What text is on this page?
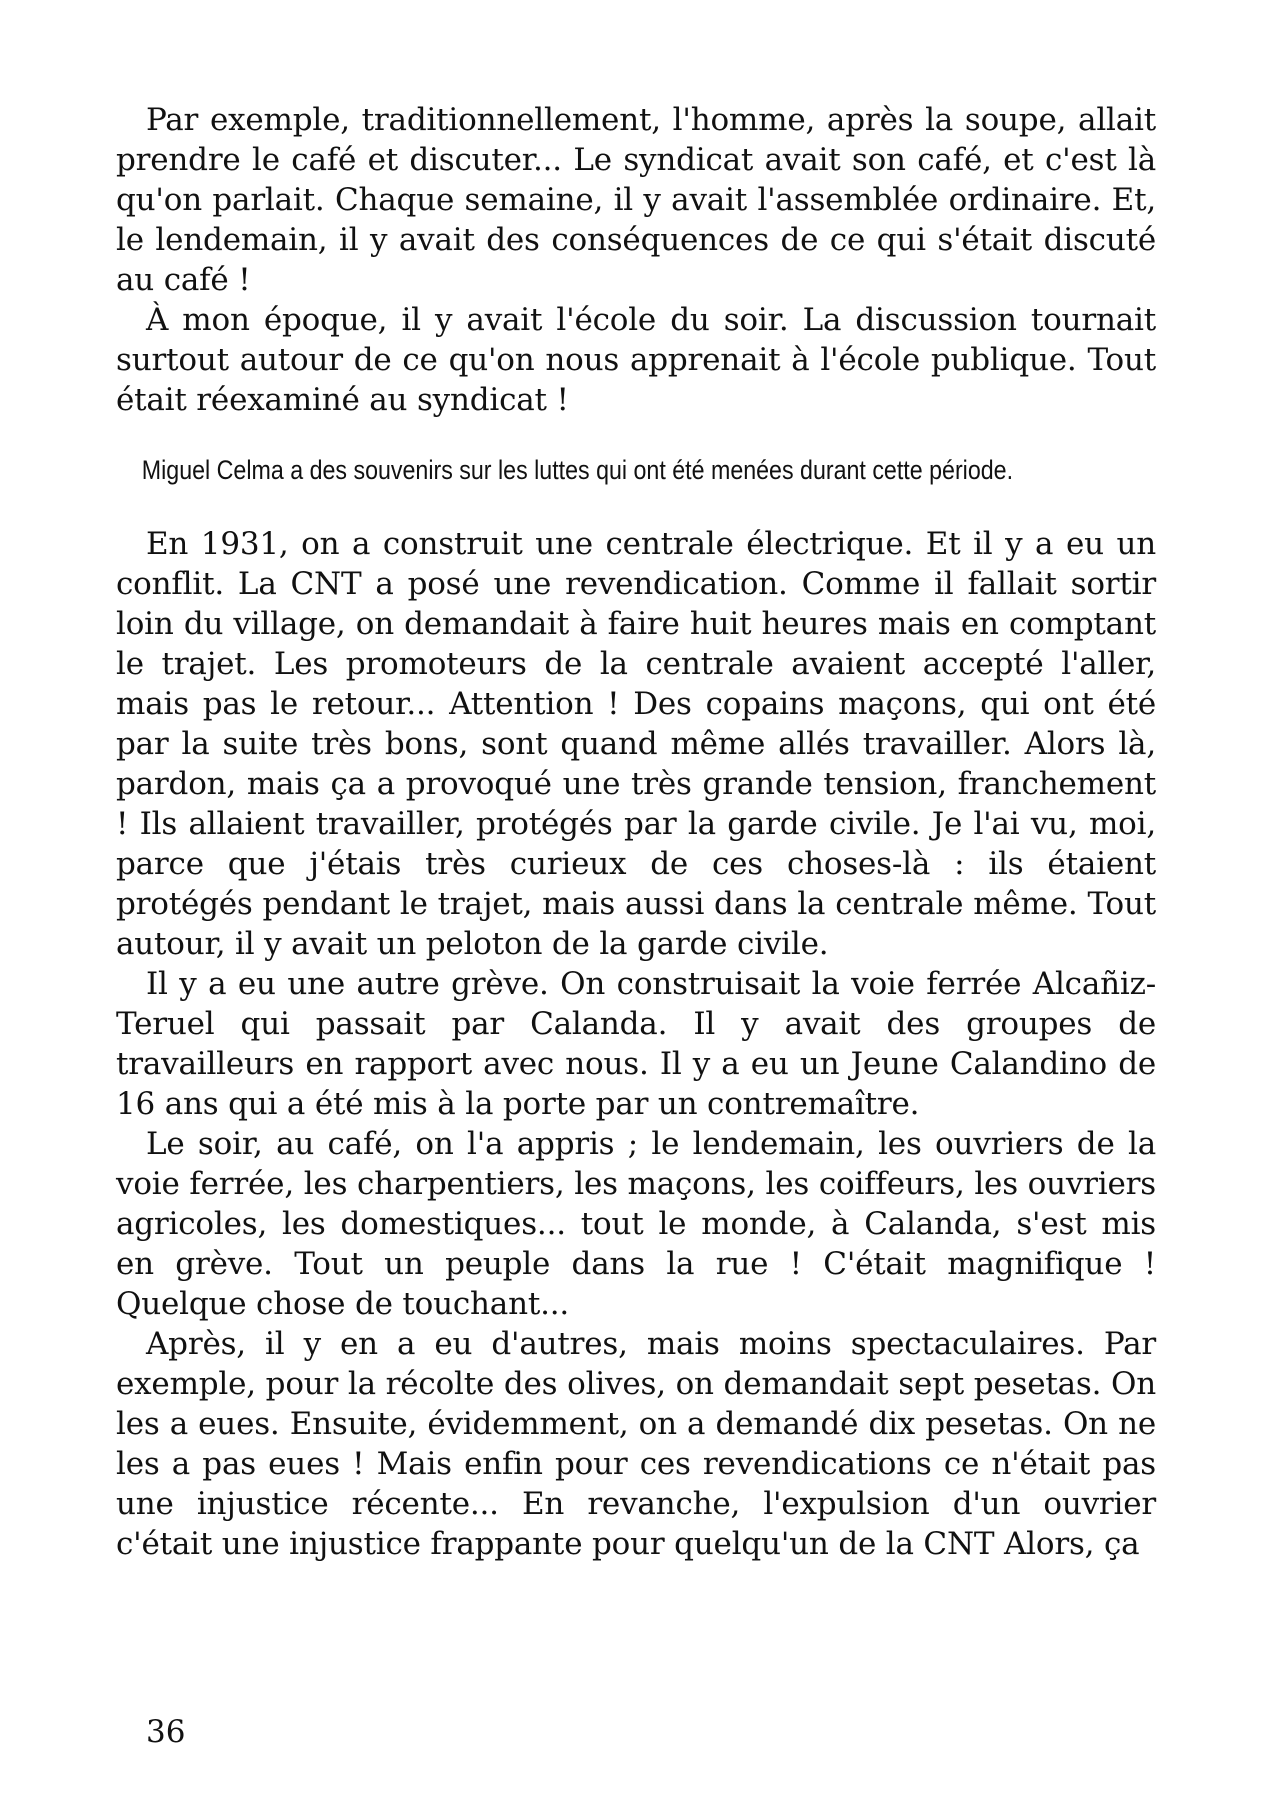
Par exemple, traditionnellement, l'homme, après la soupe, allait prendre le café et discuter... Le syndicat avait son café, et c'est là qu'on parlait. Chaque semaine, il y avait l'assemblée ordinaire. Et, le lendemain, il y avait des conséquences de ce qui s'était discuté au café !

À mon époque, il y avait l'école du soir. La discussion tournait surtout autour de ce qu'on nous apprenait à l'école publique. Tout était réexaminé au syndicat !

Miguel Celma a des souvenirs sur les luttes qui ont été menées durant cette période.

En 1931, on a construit une centrale électrique. Et il y a eu un conflit. La CNT a posé une revendication. Comme il fallait sortir loin du village, on demandait à faire huit heures mais en comptant le trajet. Les promoteurs de la centrale avaient accepté l'aller, mais pas le retour... Attention ! Des copains maçons, qui ont été par la suite très bons, sont quand même allés travailler. Alors là, pardon, mais ça a provoqué une très grande tension, franchement ! Ils allaient travailler, protégés par la garde civile. Je l'ai vu, moi, parce que j'étais très curieux de ces choses-là : ils étaient protégés pendant le trajet, mais aussi dans la centrale même. Tout autour, il y avait un peloton de la garde civile.

Il y a eu une autre grève. On construisait la voie ferrée Alcañiz-Teruel qui passait par Calanda. Il y avait des groupes de travailleurs en rapport avec nous. Il y a eu un Jeune Calandino de 16 ans qui a été mis à la porte par un contremaître.

Le soir, au café, on l'a appris ; le lendemain, les ouvriers de la voie ferrée, les charpentiers, les maçons, les coiffeurs, les ouvriers agricoles, les domestiques... tout le monde, à Calanda, s'est mis en grève. Tout un peuple dans la rue ! C'était magnifique ! Quelque chose de touchant...

Après, il y en a eu d'autres, mais moins spectaculaires. Par exemple, pour la récolte des olives, on demandait sept pesetas. On les a eues. Ensuite, évidemment, on a demandé dix pesetas. On ne les a pas eues ! Mais enfin pour ces revendications ce n'était pas une injustice récente... En revanche, l'expulsion d'un ouvrier c'était une injustice frappante pour quelqu'un de la CNT Alors, ça

36
